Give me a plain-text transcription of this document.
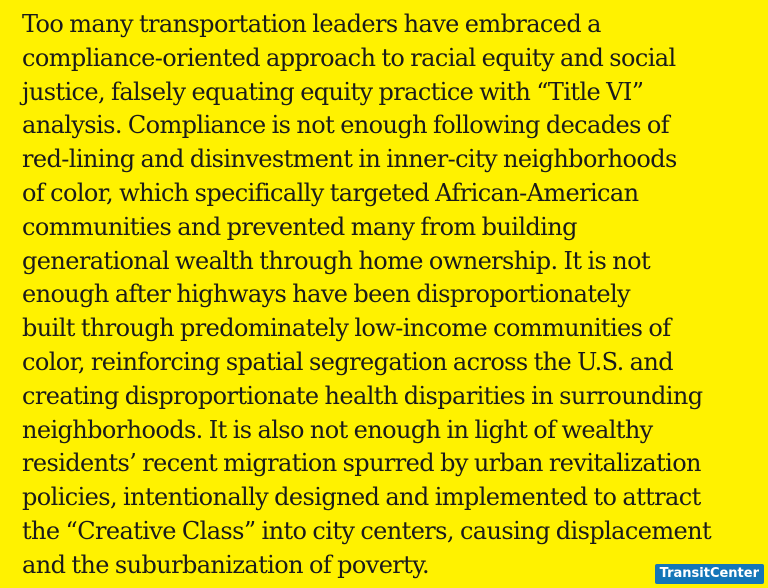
Too many transportation leaders have embraced a
compliance-oriented approach to racial equity and social
justice, falsely equating equity practice with “Title VI”
analysis. Compliance is not enough following decades of
red-lining and disinvestment in inner-city neighborhoods
of color, which specifically targeted African-American
communities and prevented many from building
generational wealth through home ownership. It is not
enough after highways have been disproportionately
built through predominately low-income communities of
color, reinforcing spatial segregation across the U.S. and
creating disproportionate health disparities in surrounding
neighborhoods. It is also not enough in light of wealthy
residents’ recent migration spurred by urban revitalization
policies, intentionally designed and implemented to attract
the “Creative Class” into city centers, causing displacement
and the suburbanization of poverty.	TransitCenter
